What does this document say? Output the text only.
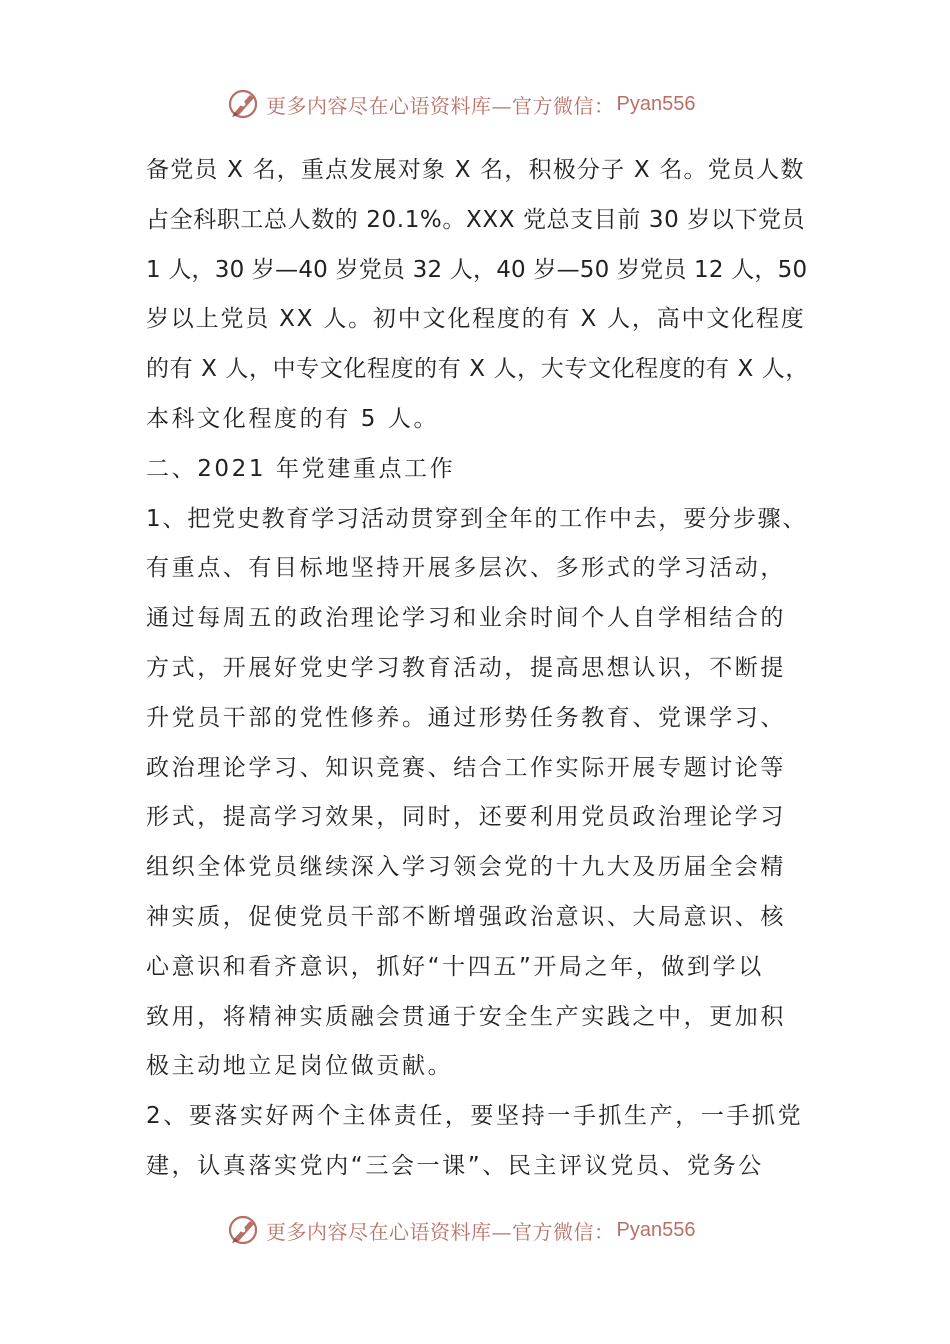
更多内容尽在心语资料库—官方微信： Pyan556
备党员 X 名，重点发展对象 X 名，积极分子 X 名。党员人数
占全科职工总人数的 20.1%。XXX 党总支目前 30 岁以下党员
1 人，30 岁—40 岁党员 32 人，40 岁—50 岁党员 12 人，50
岁以上党员 XX 人。初中文化程度的有 X 人，高中文化程度
的有 X 人，中专文化程度的有 X 人，大专文化程度的有 X 人，
本科文化程度的有 5 人。
二、2021 年党建重点工作
1、把党史教育学习活动贯穿到全年的工作中去，要分步骤、
有重点、有目标地坚持开展多层次、多形式的学习活动，
通过每周五的政治理论学习和业余时间个人自学相结合的
方式，开展好党史学习教育活动，提高思想认识，不断提
升党员干部的党性修养。通过形势任务教育、党课学习、
政治理论学习、知识竞赛、结合工作实际开展专题讨论等
形式，提高学习效果，同时，还要利用党员政治理论学习
组织全体党员继续深入学习领会党的十九大及历届全会精
神实质，促使党员干部不断增强政治意识、大局意识、核
心意识和看齐意识，抓好“十四五”开局之年，做到学以
致用，将精神实质融会贯通于安全生产实践之中，更加积
极主动地立足岗位做贡献。
2、要落实好两个主体责任，要坚持一手抓生产，一手抓党
建，认真落实党内“三会一课”、民主评议党员、党务公
更多内容尽在心语资料库—官方微信： Pyan556
